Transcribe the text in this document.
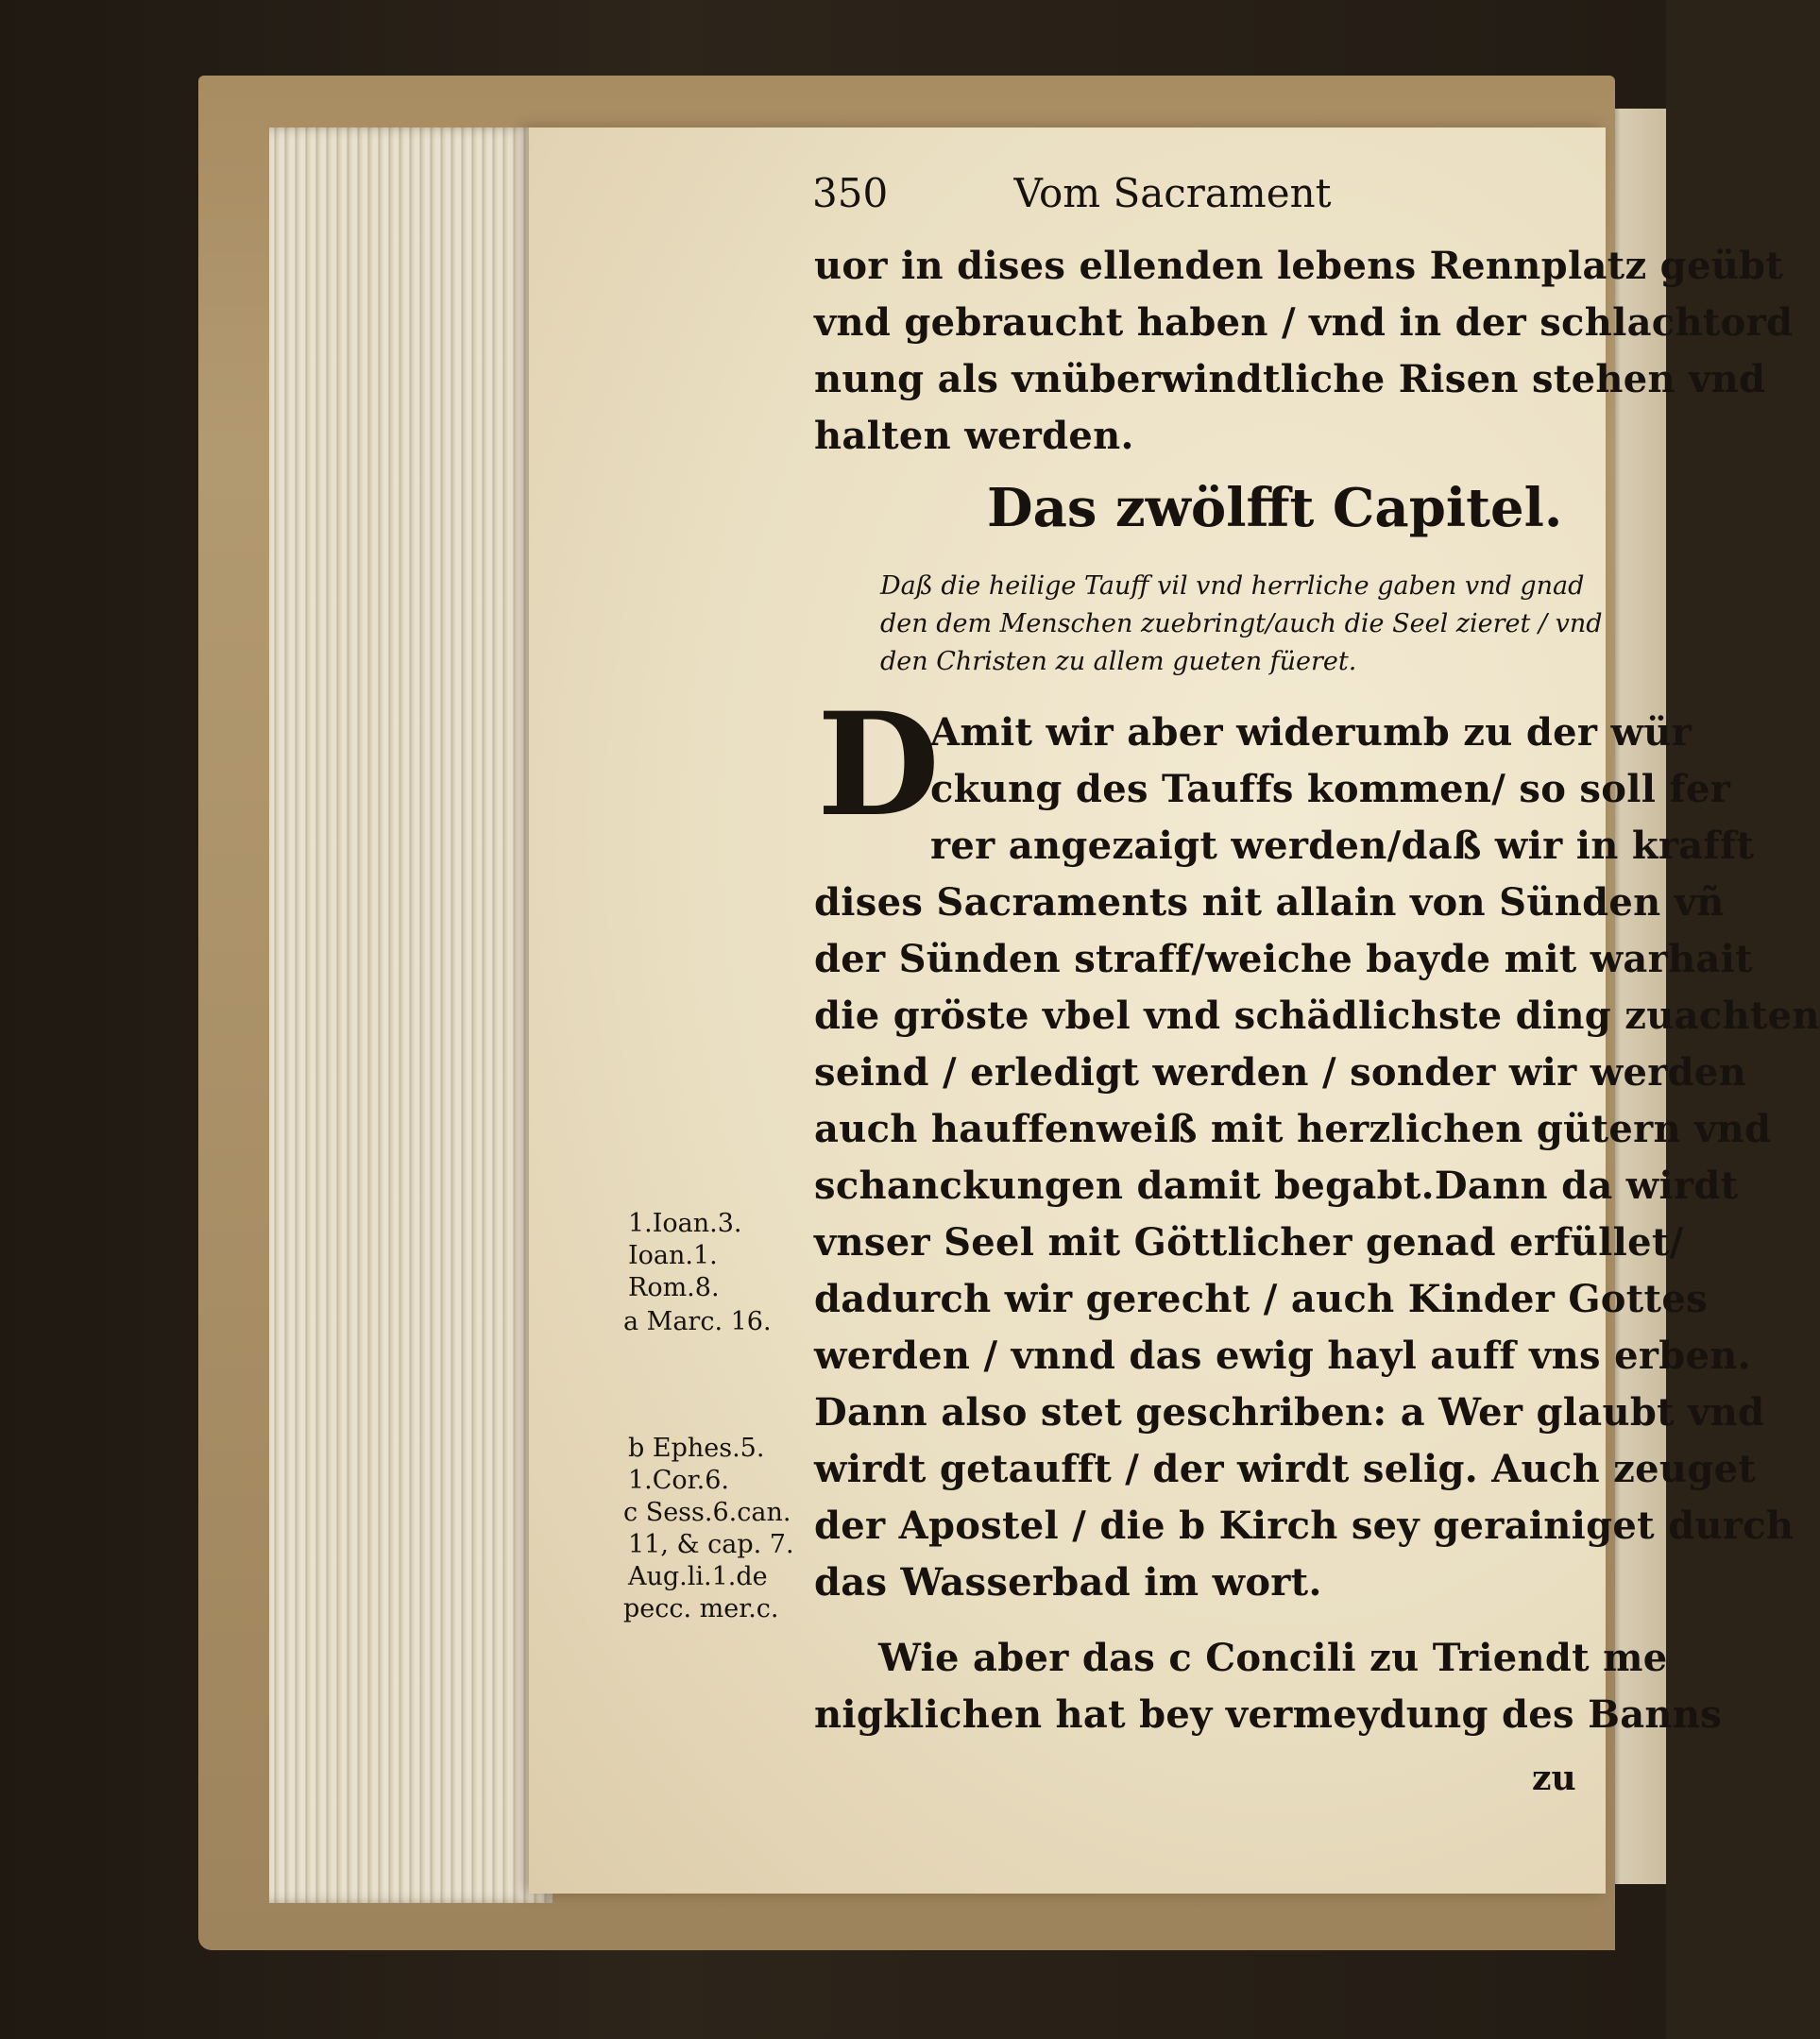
350	Vom Sacrament
uor in dises ellenden lebens Rennplatz geübt
vnd gebraucht haben / vnd in der schlachtord
nung als vnüberwindtliche Risen stehen vnd
halten werden.
Das zwölfft Capitel.
Daß die heilige Tauff vil vnd herrliche gaben vnd gnad
den dem Menschen zuebringt/auch die Seel zieret / vnd
den Christen zu allem gueten füeret.
D
Amit wir aber widerumb zu der wür
ckung des Tauffs kommen/ so soll fer
rer angezaigt werden/daß wir in krafft
dises Sacraments nit allain von Sünden vñ
der Sünden straff/weiche bayde mit warhait
die gröste vbel vnd schädlichste ding zuachten
seind / erledigt werden / sonder wir werden
auch hauffenweiß mit herzlichen gütern vnd
schanckungen damit begabt.Dann da wirdt
vnser Seel mit Göttlicher genad erfüllet/
dadurch wir gerecht / auch Kinder Gottes
werden / vnnd das ewig hayl auff vns erben.
Dann also stet geschriben: a Wer glaubt vnd
wirdt getaufft / der wirdt selig. Auch zeuget
der Apostel / die b Kirch sey gerainiget durch
das Wasserbad im wort.
Wie aber das c Concili zu Triendt me
nigklichen hat bey vermeydung des Banns
zu
1.Ioan.3.
Ioan.1.
Rom.8.
a Marc. 16.
b Ephes.5.
1.Cor.6.
c Sess.6.can.
11, & cap. 7.
Aug.li.1.de
pecc. mer.c.
